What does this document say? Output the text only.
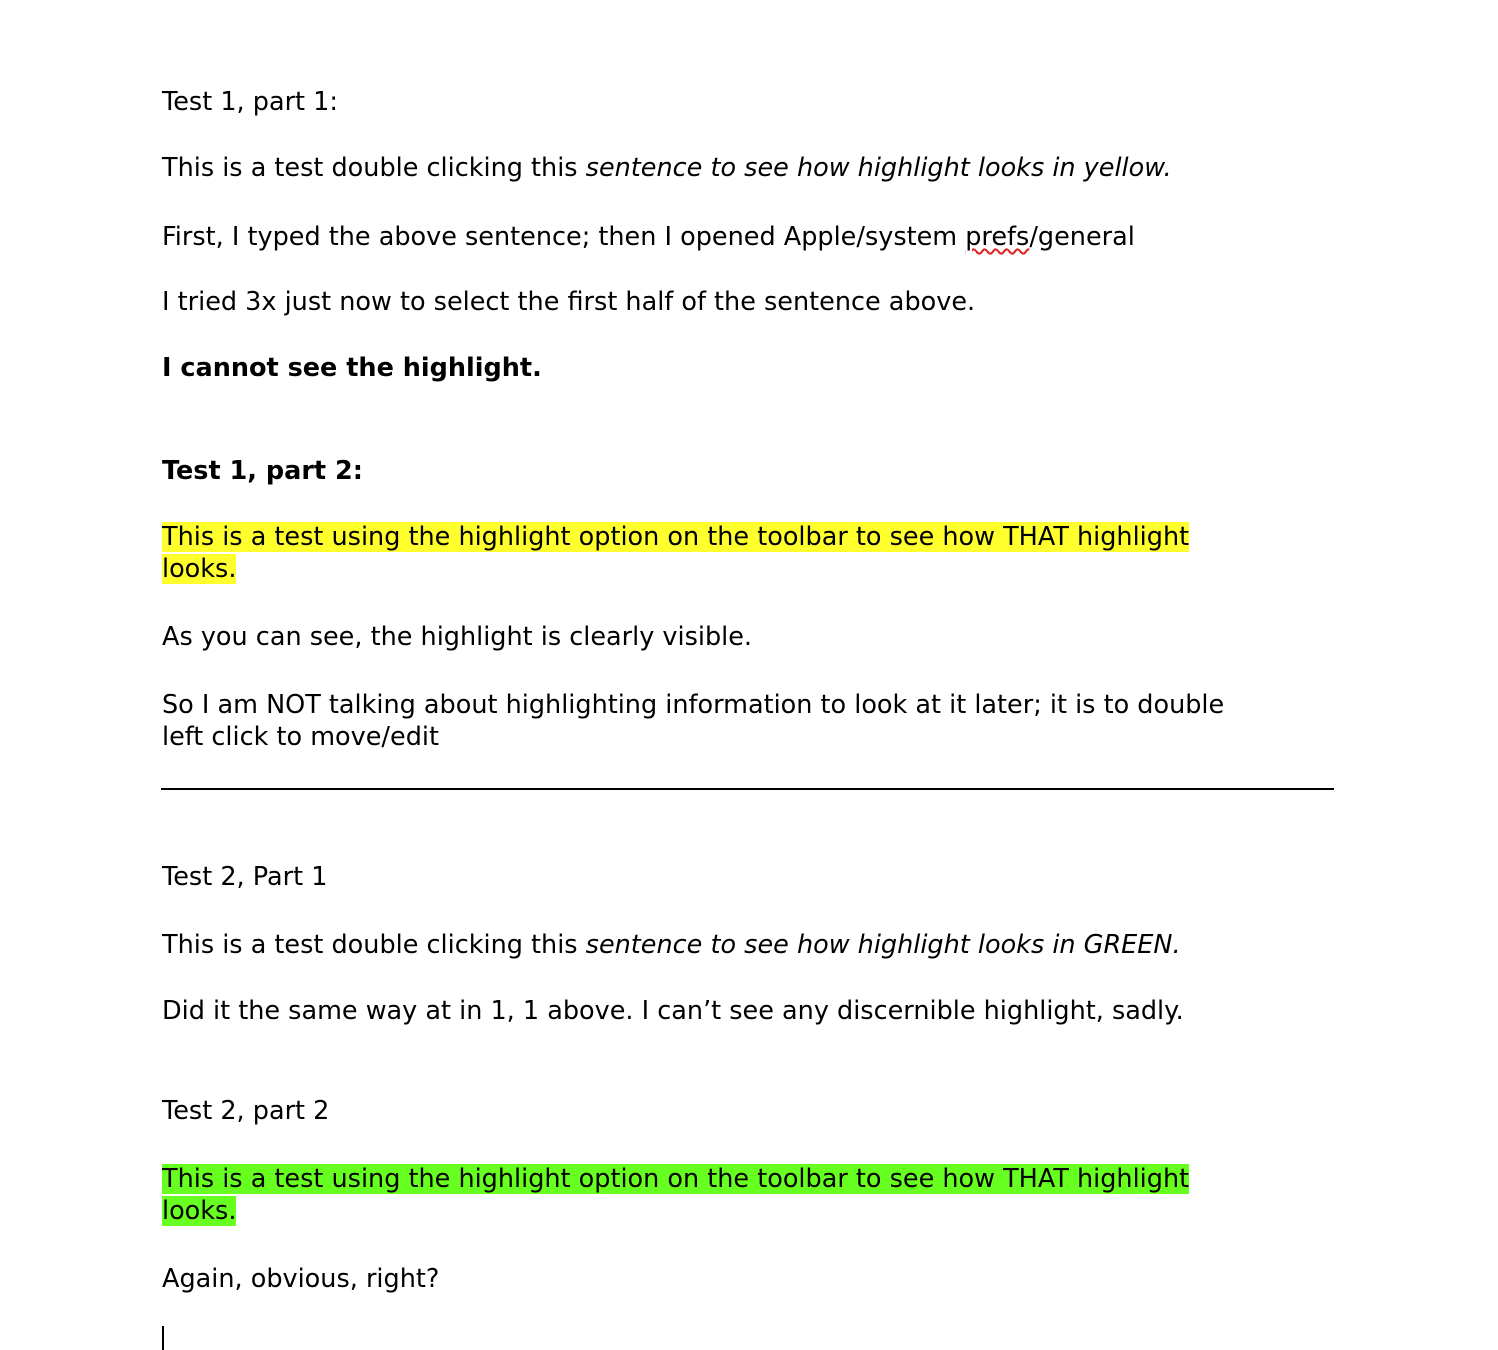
Test 1, part 1:

This is a test double clicking this sentence to see how highlight looks in yellow.

First, I typed the above sentence; then I opened Apple/system prefs/general

I tried 3x just now to select the first half of the sentence above.

I cannot see the highlight.

Test 1, part 2:

This is a test using the highlight option on the toolbar to see how THAT highlight
looks.

As you can see, the highlight is clearly visible.

So I am NOT talking about highlighting information to look at it later; it is to double
left click to move/edit

Test 2, Part 1

This is a test double clicking this sentence to see how highlight looks in GREEN.

Did it the same way at in 1, 1 above. I can’t see any discernible highlight, sadly.

Test 2, part 2

This is a test using the highlight option on the toolbar to see how THAT highlight
looks.

Again, obvious, right?
